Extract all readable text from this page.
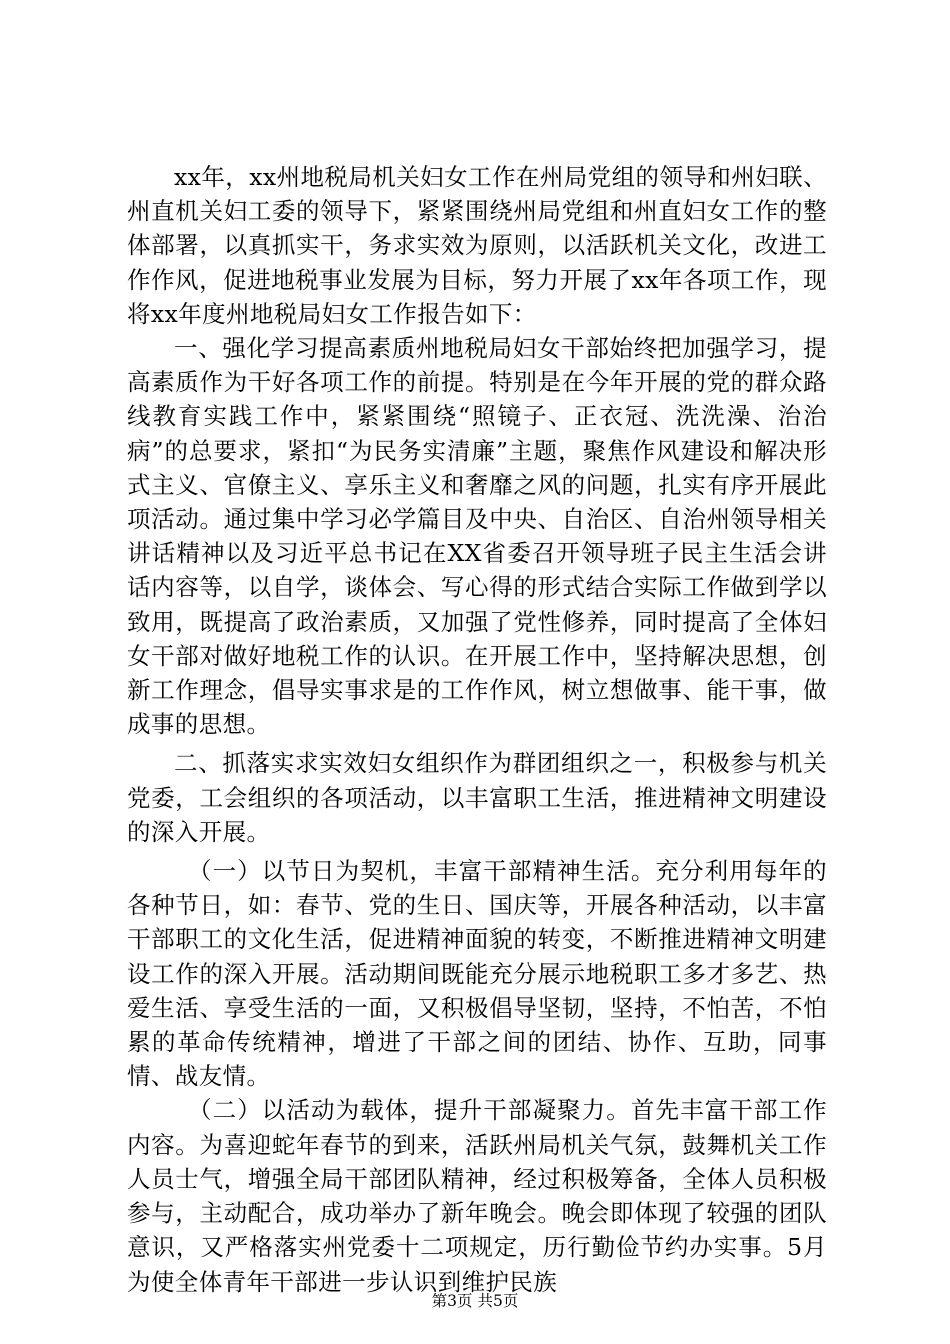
xx年，xx州地税局机关妇女工作在州局党组的领导和州妇联、州直机关妇工委的领导下，紧紧围绕州局党组和州直妇女工作的整体部署，以真抓实干，务求实效为原则，以活跃机关文化，改进工作作风，促进地税事业发展为目标，努力开展了xx年各项工作，现将xx年度州地税局妇女工作报告如下：

一、强化学习提高素质州地税局妇女干部始终把加强学习，提高素质作为干好各项工作的前提。特别是在今年开展的党的群众路线教育实践工作中，紧紧围绕“照镜子、正衣冠、洗洗澡、治治病”的总要求，紧扣“为民务实清廉”主题，聚焦作风建设和解决形式主义、官僚主义、享乐主义和奢靡之风的问题，扎实有序开展此项活动。通过集中学习必学篇目及中央、自治区、自治州领导相关讲话精神以及习近平总书记在XX省委召开领导班子民主生活会讲话内容等，以自学，谈体会、写心得的形式结合实际工作做到学以致用，既提高了政治素质，又加强了党性修养，同时提高了全体妇女干部对做好地税工作的认识。在开展工作中，坚持解决思想，创新工作理念，倡导实事求是的工作作风，树立想做事、能干事，做成事的思想。

二、抓落实求实效妇女组织作为群团组织之一，积极参与机关党委，工会组织的各项活动，以丰富职工生活，推进精神文明建设的深入开展。

（一）以节日为契机，丰富干部精神生活。充分利用每年的各种节日，如：春节、党的生日、国庆等，开展各种活动，以丰富干部职工的文化生活，促进精神面貌的转变，不断推进精神文明建设工作的深入开展。活动期间既能充分展示地税职工多才多艺、热爱生活、享受生活的一面，又积极倡导坚韧，坚持，不怕苦，不怕累的革命传统精神，增进了干部之间的团结、协作、互助，同事情、战友情。

（二）以活动为载体，提升干部凝聚力。首先丰富干部工作内容。为喜迎蛇年春节的到来，活跃州局机关气氛，鼓舞机关工作人员士气，增强全局干部团队精神，经过积极筹备，全体人员积极参与，主动配合，成功举办了新年晚会。晚会即体现了较强的团队意识，又严格落实州党委十二项规定，历行勤俭节约办实事。5月为使全体青年干部进一步认识到维护民族

第3页 共5页
